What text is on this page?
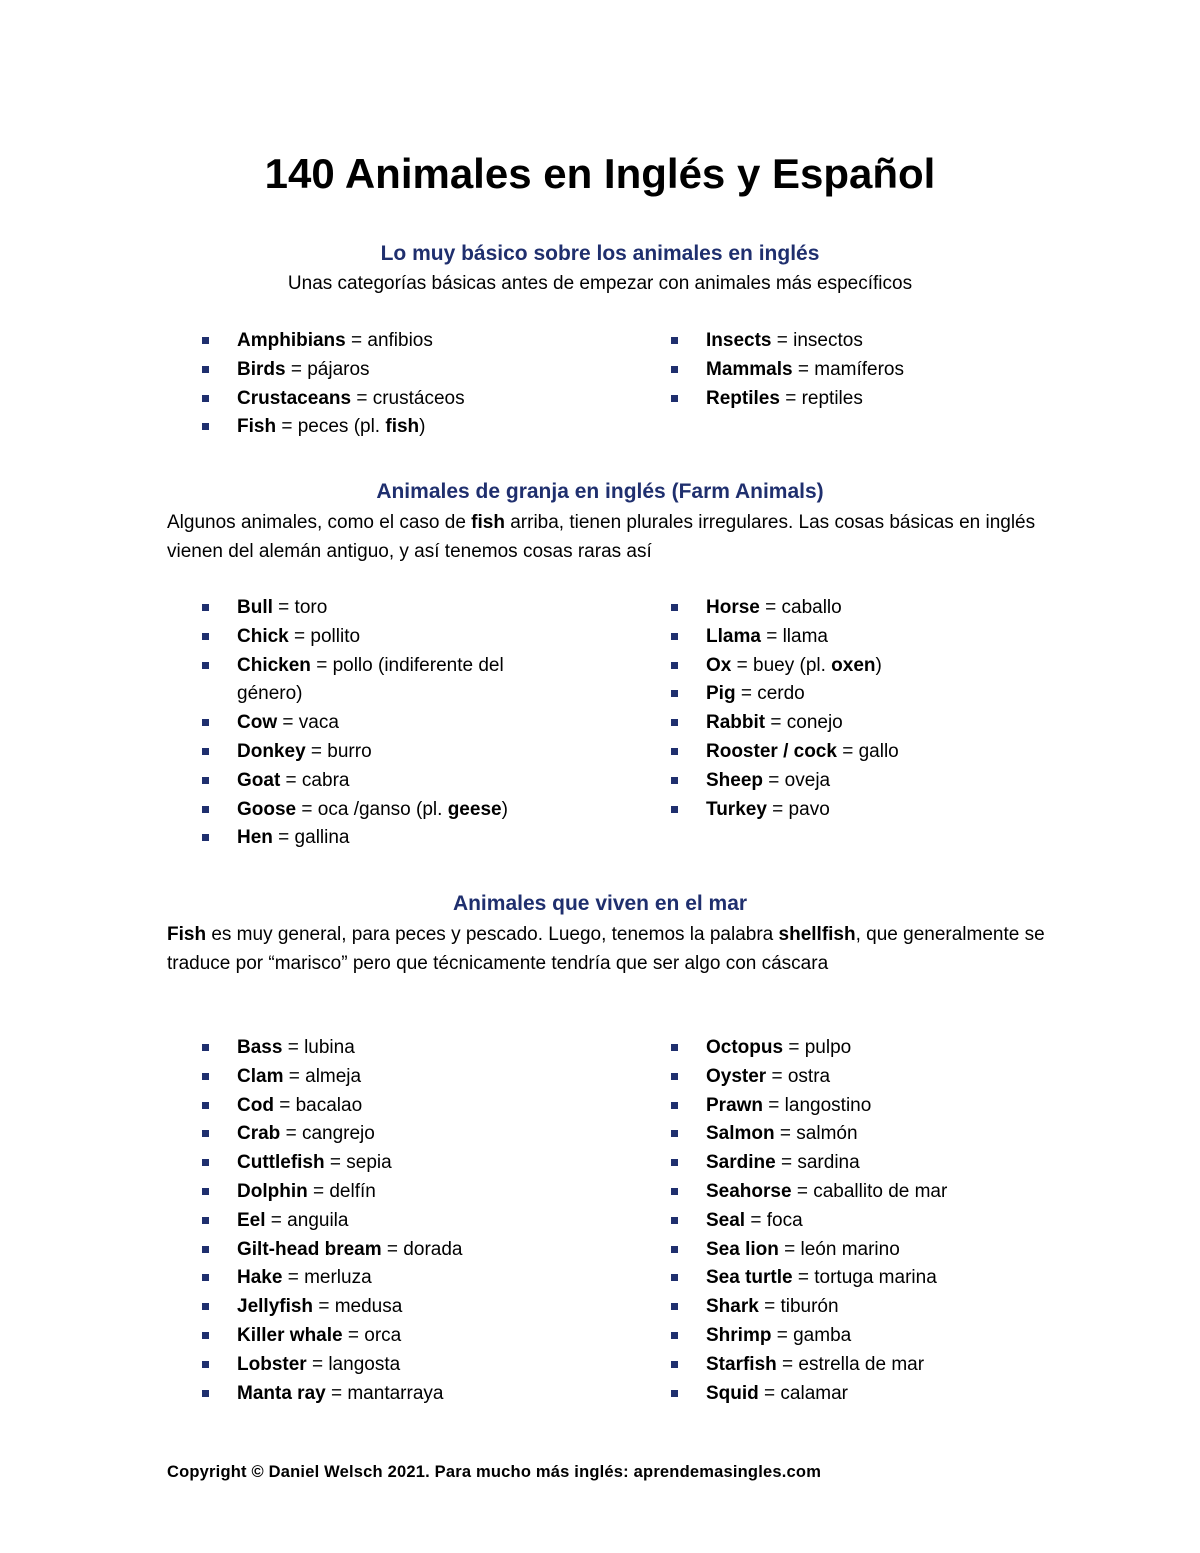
140 Animales en Inglés y Español
Lo muy básico sobre los animales en inglés
Unas categorías básicas antes de empezar con animales más específicos
Amphibians = anfibios
Birds = pájaros
Crustaceans = crustáceos
Fish = peces (pl. fish)
Insects = insectos
Mammals = mamíferos
Reptiles = reptiles
Animales de granja en inglés (Farm Animals)
Algunos animales, como el caso de fish arriba, tienen plurales irregulares. Las cosas básicas en inglés vienen del alemán antiguo, y así tenemos cosas raras así
Bull = toro
Chick = pollito
Chicken = pollo (indiferente del género)
Cow = vaca
Donkey = burro
Goat = cabra
Goose = oca /ganso (pl. geese)
Hen = gallina
Horse = caballo
Llama = llama
Ox = buey (pl. oxen)
Pig = cerdo
Rabbit = conejo
Rooster / cock = gallo
Sheep = oveja
Turkey = pavo
Animales que viven en el mar
Fish es muy general, para peces y pescado. Luego, tenemos la palabra shellfish, que generalmente se traduce por “marisco” pero que técnicamente tendría que ser algo con cáscara
Bass = lubina
Clam = almeja
Cod = bacalao
Crab = cangrejo
Cuttlefish = sepia
Dolphin = delfín
Eel = anguila
Gilt-head bream = dorada
Hake = merluza
Jellyfish = medusa
Killer whale = orca
Lobster = langosta
Manta ray = mantarraya
Octopus = pulpo
Oyster = ostra
Prawn = langostino
Salmon = salmón
Sardine = sardina
Seahorse = caballito de mar
Seal = foca
Sea lion = león marino
Sea turtle = tortuga marina
Shark = tiburón
Shrimp = gamba
Starfish = estrella de mar
Squid = calamar
Copyright © Daniel Welsch 2021. Para mucho más inglés: aprendemasingles.com
